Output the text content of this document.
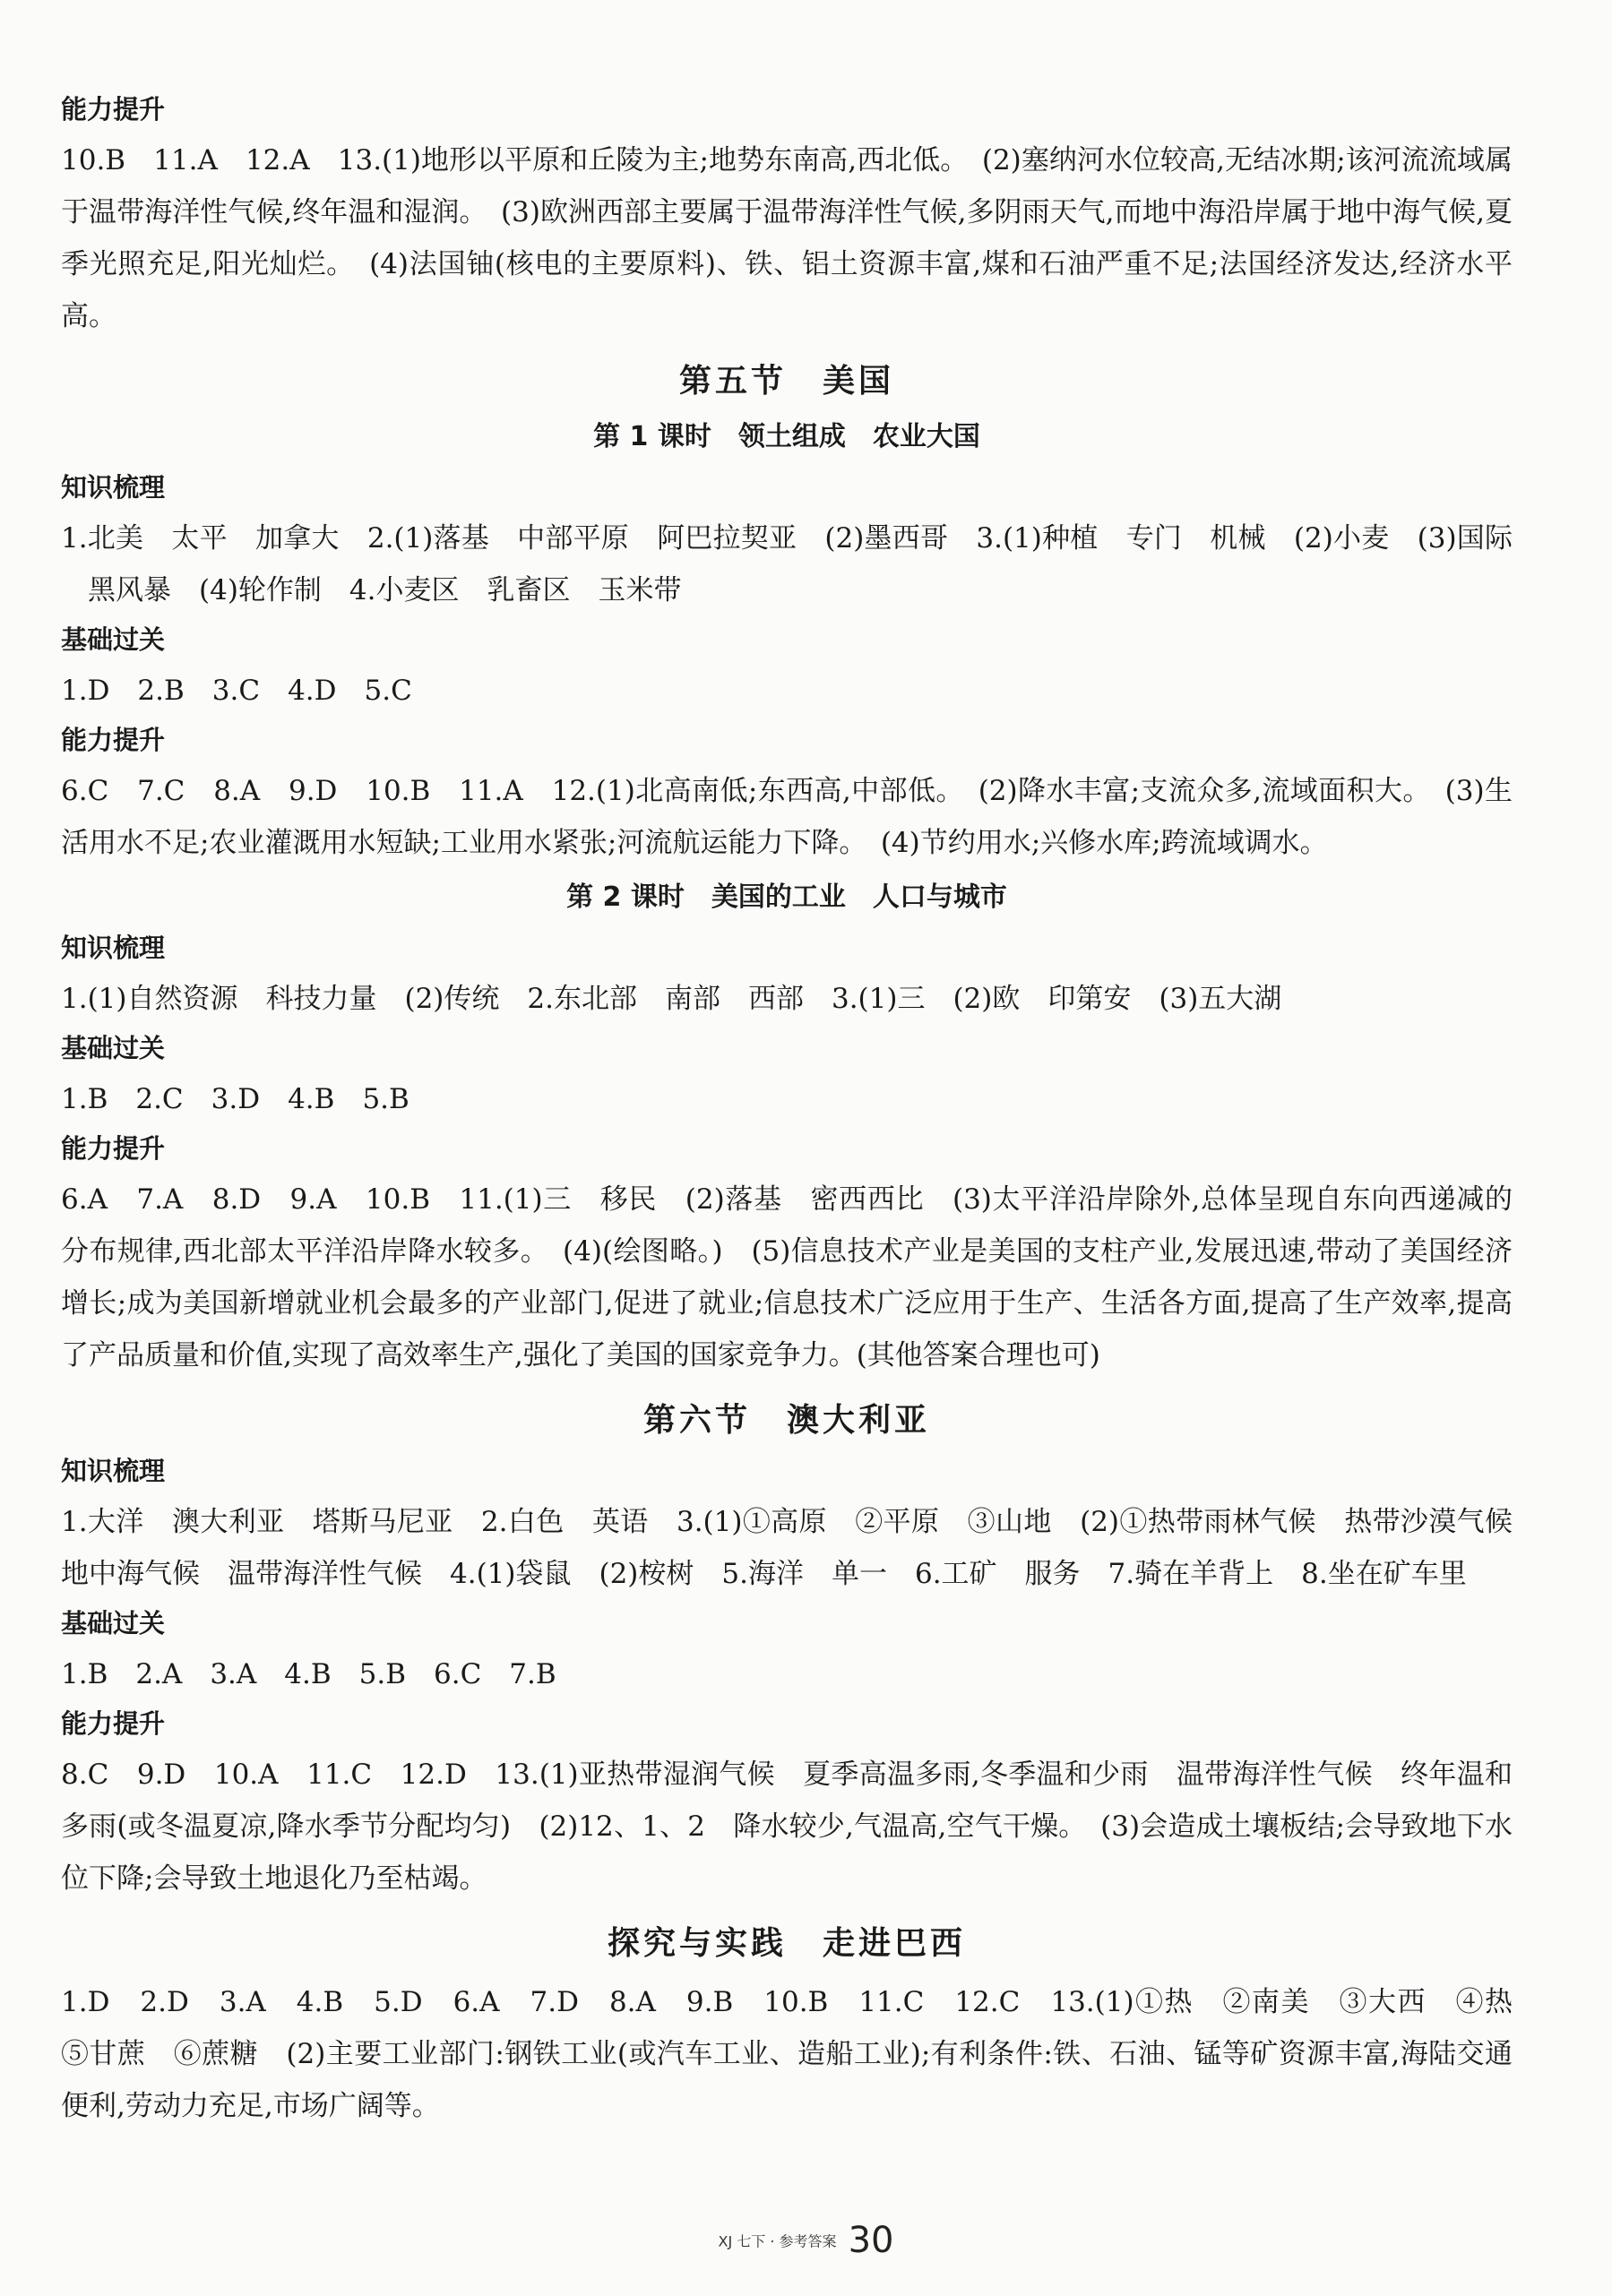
能力提升

10.B　11.A　12.A　13.(1)地形以平原和丘陵为主;地势东南高,西北低。　(2)塞纳河水位较高,无结冰期;该河流流域属于温带海洋性气候,终年温和湿润。　(3)欧洲西部主要属于温带海洋性气候,多阴雨天气,而地中海沿岸属于地中海气候,夏季光照充足,阳光灿烂。　(4)法国铀(核电的主要原料)、铁、铝土资源丰富,煤和石油严重不足;法国经济发达,经济水平高。

第五节　美国
第 1 课时　领土组成　农业大国
知识梳理

1.北美　太平　加拿大　2.(1)落基　中部平原　阿巴拉契亚　(2)墨西哥　3.(1)种植　专门　机械　(2)小麦　(3)国际　黑风暴　(4)轮作制　4.小麦区　乳畜区　玉米带

基础过关

1.D　2.B　3.C　4.D　5.C

能力提升

6.C　7.C　8.A　9.D　10.B　11.A　12.(1)北高南低;东西高,中部低。　(2)降水丰富;支流众多,流域面积大。　(3)生活用水不足;农业灌溉用水短缺;工业用水紧张;河流航运能力下降。　(4)节约用水;兴修水库;跨流域调水。

第 2 课时　美国的工业　人口与城市
知识梳理

1.(1)自然资源　科技力量　(2)传统　2.东北部　南部　西部　3.(1)三　(2)欧　印第安　(3)五大湖

基础过关

1.B　2.C　3.D　4.B　5.B

能力提升

6.A　7.A　8.D　9.A　10.B　11.(1)三　移民　(2)落基　密西西比　(3)太平洋沿岸除外,总体呈现自东向西递减的分布规律,西北部太平洋沿岸降水较多。　(4)(绘图略。)　(5)信息技术产业是美国的支柱产业,发展迅速,带动了美国经济增长;成为美国新增就业机会最多的产业部门,促进了就业;信息技术广泛应用于生产、生活各方面,提高了生产效率,提高了产品质量和价值,实现了高效率生产,强化了美国的国家竞争力。(其他答案合理也可)

第六节　澳大利亚
知识梳理

1.大洋　澳大利亚　塔斯马尼亚　2.白色　英语　3.(1)①高原　②平原　③山地　(2)①热带雨林气候　热带沙漠气候　地中海气候　温带海洋性气候　4.(1)袋鼠　(2)桉树　5.海洋　单一　6.工矿　服务　7.骑在羊背上　8.坐在矿车里

基础过关

1.B　2.A　3.A　4.B　5.B　6.C　7.B

能力提升

8.C　9.D　10.A　11.C　12.D　13.(1)亚热带湿润气候　夏季高温多雨,冬季温和少雨　温带海洋性气候　终年温和多雨(或冬温夏凉,降水季节分配均匀)　(2)12、1、2　降水较少,气温高,空气干燥。　(3)会造成土壤板结;会导致地下水位下降;会导致土地退化乃至枯竭。

探究与实践　走进巴西

1.D　2.D　3.A　4.B　5.D　6.A　7.D　8.A　9.B　10.B　11.C　12.C　13.(1)①热　②南美　③大西　④热　⑤甘蔗　⑥蔗糖　(2)主要工业部门:钢铁工业(或汽车工业、造船工业);有利条件:铁、石油、锰等矿资源丰富,海陆交通便利,劳动力充足,市场广阔等。

XJ 七下 · 参考答案 30
